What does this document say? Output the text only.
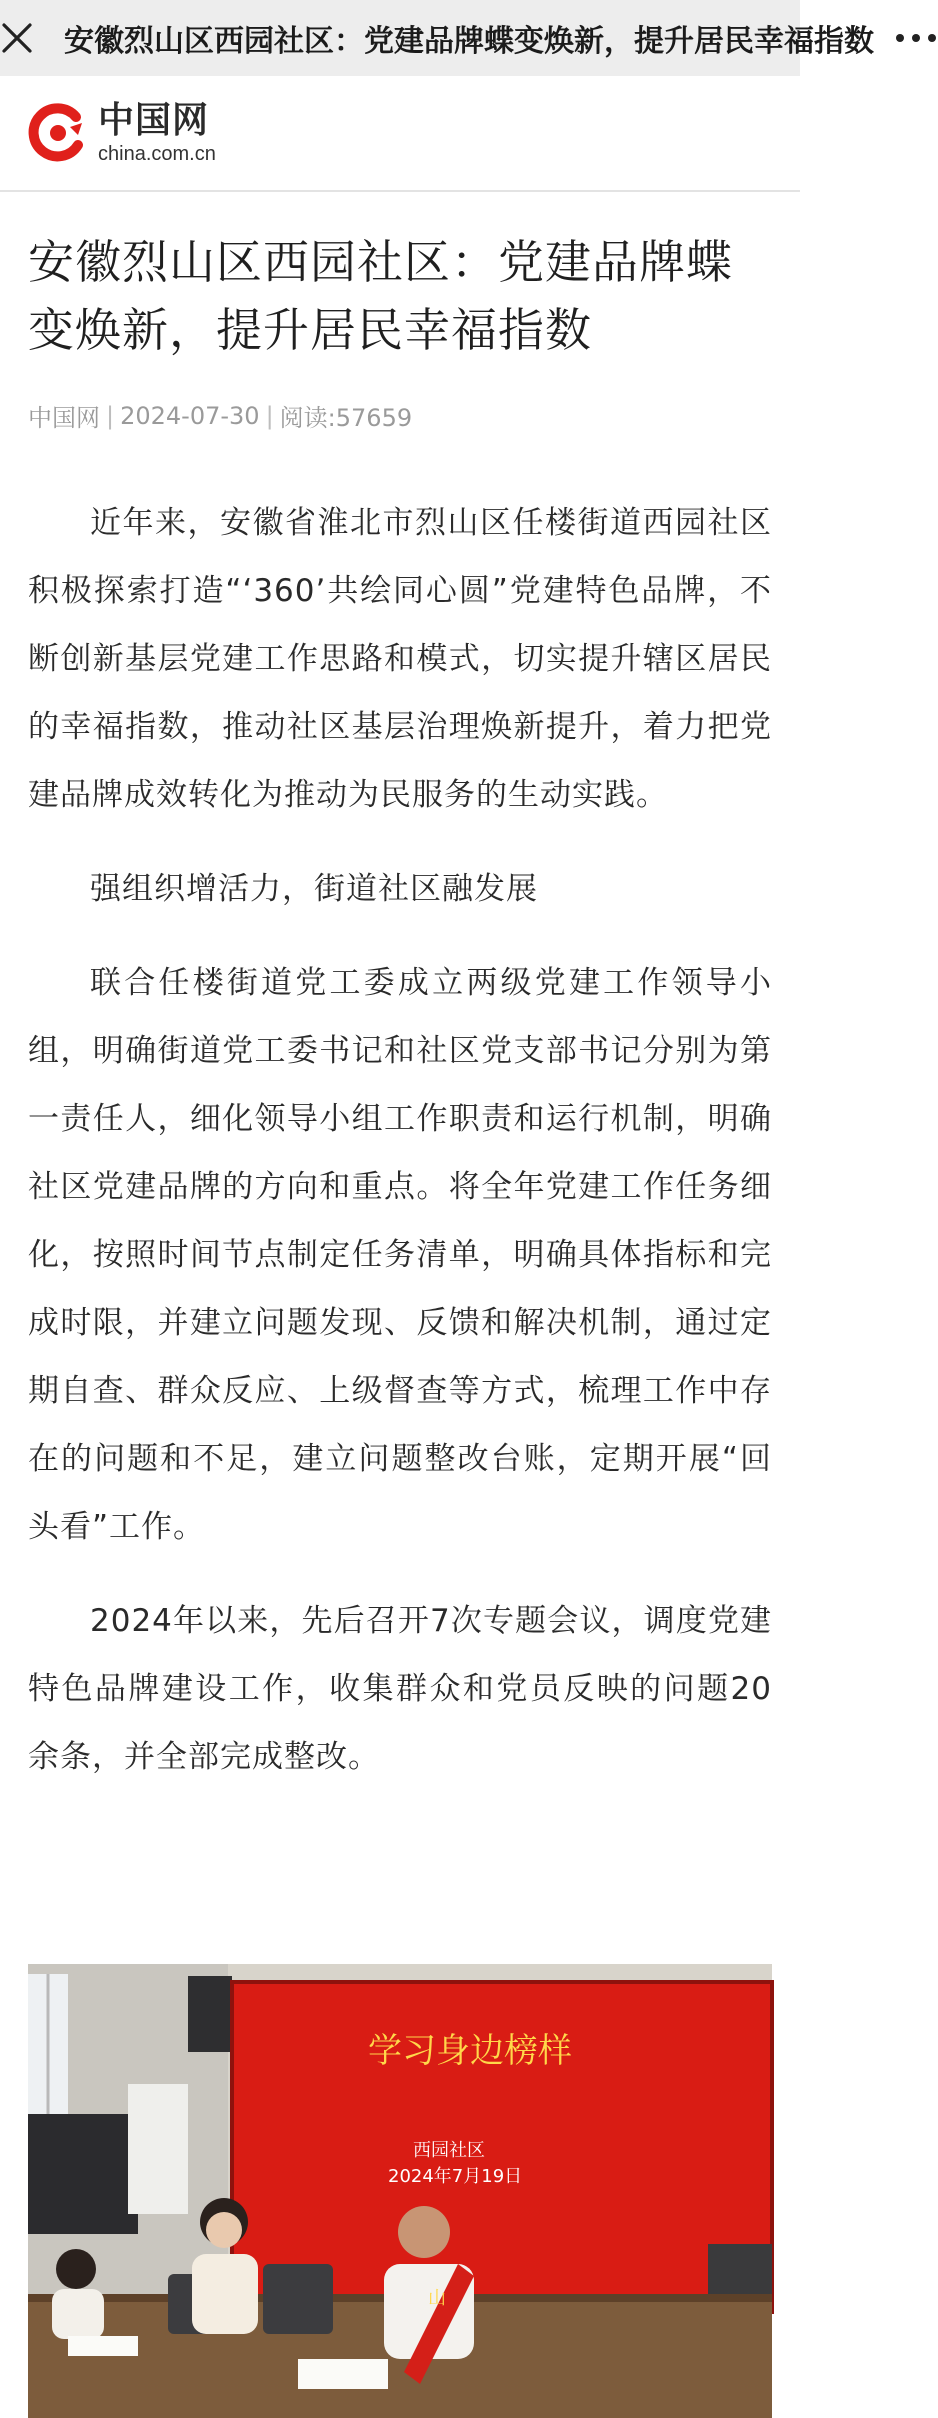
安徽烈山区西园社区：党建品牌蝶变焕新，提升居民幸福指数
中国网
china.com.cn
安徽烈山区西园社区：党建品牌蝶变焕新，提升居民幸福指数
中国网 | 2024-07-30 | 阅读:57659

近年来，安徽省淮北市烈山区任楼街道西园社区积极探索打造“‘360’共绘同心圆”党建特色品牌，不断创新基层党建工作思路和模式，切实提升辖区居民的幸福指数，推动社区基层治理焕新提升，着力把党建品牌成效转化为推动为民服务的生动实践。

强组织增活力，街道社区融发展

联合任楼街道党工委成立两级党建工作领导小组，明确街道党工委书记和社区党支部书记分别为第一责任人，细化领导小组工作职责和运行机制，明确社区党建品牌的方向和重点。将全年党建工作任务细化，按照时间节点制定任务清单，明确具体指标和完成时限，并建立问题发现、反馈和解决机制，通过定期自查、群众反应、上级督查等方式，梳理工作中存在的问题和不足，建立问题整改台账，定期开展“回头看”工作。

2024年以来，先后召开7次专题会议，调度党建特色品牌建设工作，收集群众和党员反映的问题20余条，并全部完成整改。

学习身边榜样
西园社区
2024年7月19日
山
